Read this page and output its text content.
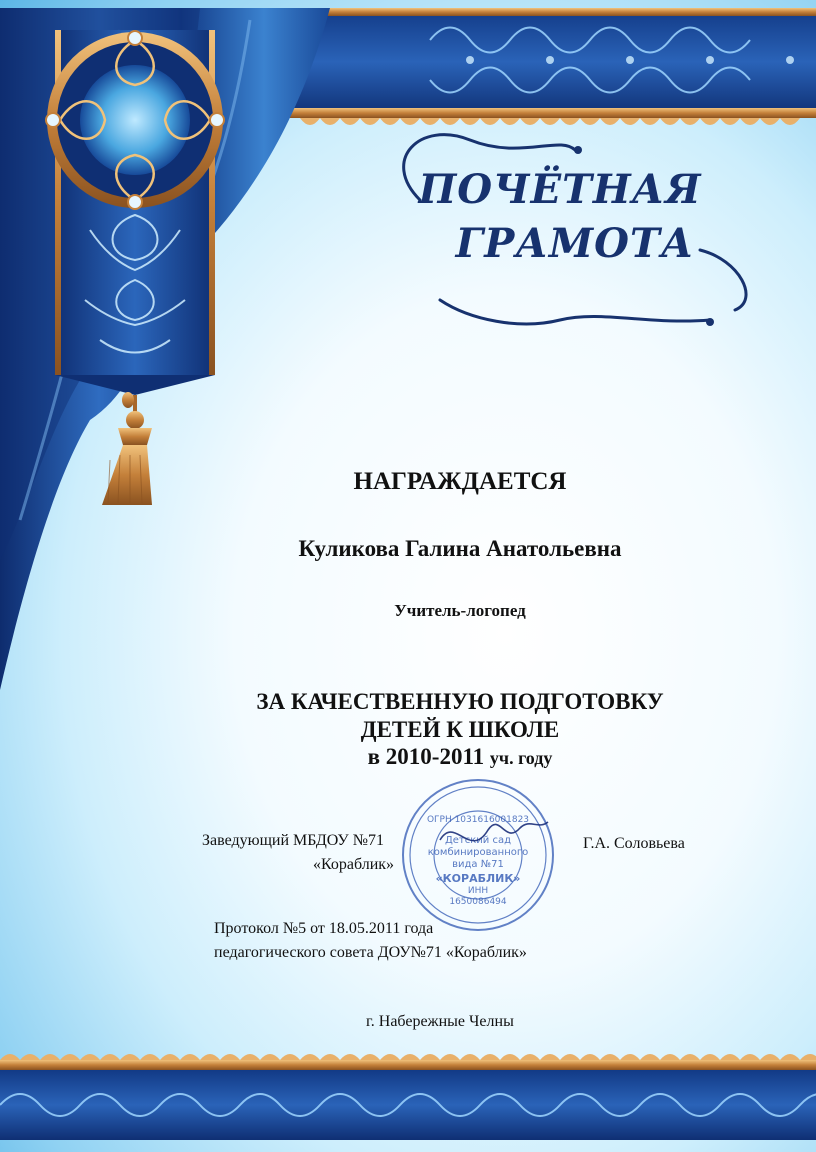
ПОЧЁТНАЯ
ГРАМОТА
НАГРАЖДАЕТСЯ
Куликова Галина Анатольевна
Учитель-логопед
ЗА КАЧЕСТВЕННУЮ ПОДГОТОВКУ
ДЕТЕЙ К ШКОЛЕ
в 2010-2011 уч. году
Заведующий МБДОУ №71
«Кораблик»
Г.А. Соловьева
ОГРН 1031616001823
Детский сад
комбинированного
вида №71
«КОРАБЛИК»
ИНН
1650086494
Протокол №5 от 18.05.2011 года
педагогического совета ДОУ№71 «Кораблик»
г. Набережные Челны
